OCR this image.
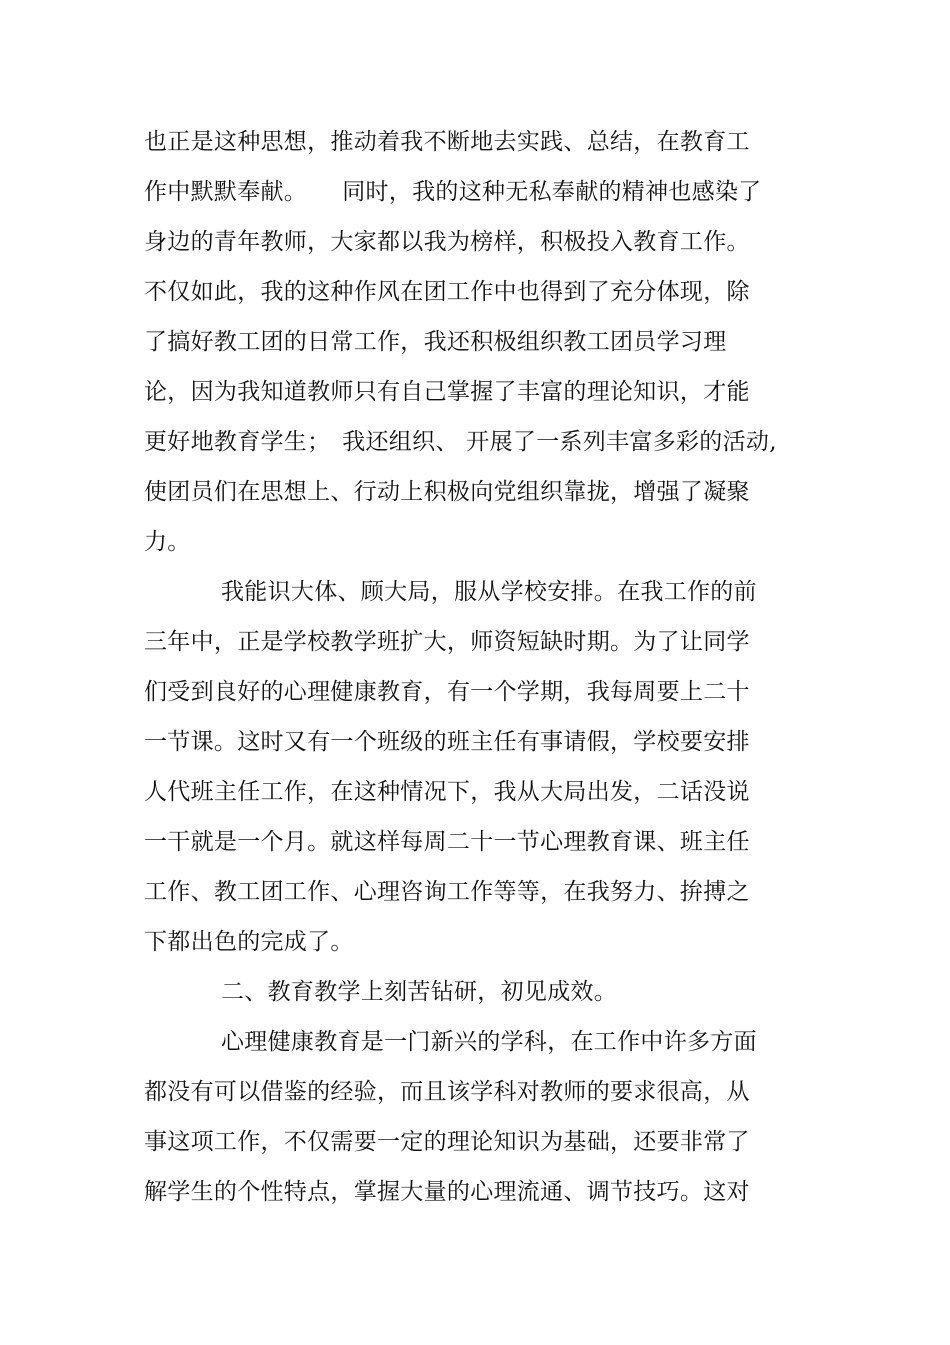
也正是这种思想，推动着我不断地去实践、总结，在教育工
作中默默奉献。　　同时，我的这种无私奉献的精神也感染了
身边的青年教师，大家都以我为榜样，积极投入教育工作。
不仅如此，我的这种作风在团工作中也得到了充分体现，除
了搞好教工团的日常工作，我还积极组织教工团员学习理
论，因为我知道教师只有自己掌握了丰富的理论知识，才能
更好地教育学生；　我还组织、 开展了一系列丰富多彩的活动,
使团员们在思想上、行动上积极向党组织靠拢，增强了凝聚
力。
我能识大体、顾大局，服从学校安排。在我工作的前
三年中，正是学校教学班扩大，师资短缺时期。为了让同学
们受到良好的心理健康教育，有一个学期，我每周要上二十
一节课。这时又有一个班级的班主任有事请假，学校要安排
人代班主任工作，在这种情况下，我从大局出发，二话没说
一干就是一个月。就这样每周二十一节心理教育课、班主任
工作、教工团工作、心理咨询工作等等，在我努力、拚搏之
下都出色的完成了。
二、教育教学上刻苦钻研，初见成效。
心理健康教育是一门新兴的学科，在工作中许多方面
都没有可以借鉴的经验，而且该学科对教师的要求很高，从
事这项工作，不仅需要一定的理论知识为基础，还要非常了
解学生的个性特点，掌握大量的心理流通、调节技巧。这对
